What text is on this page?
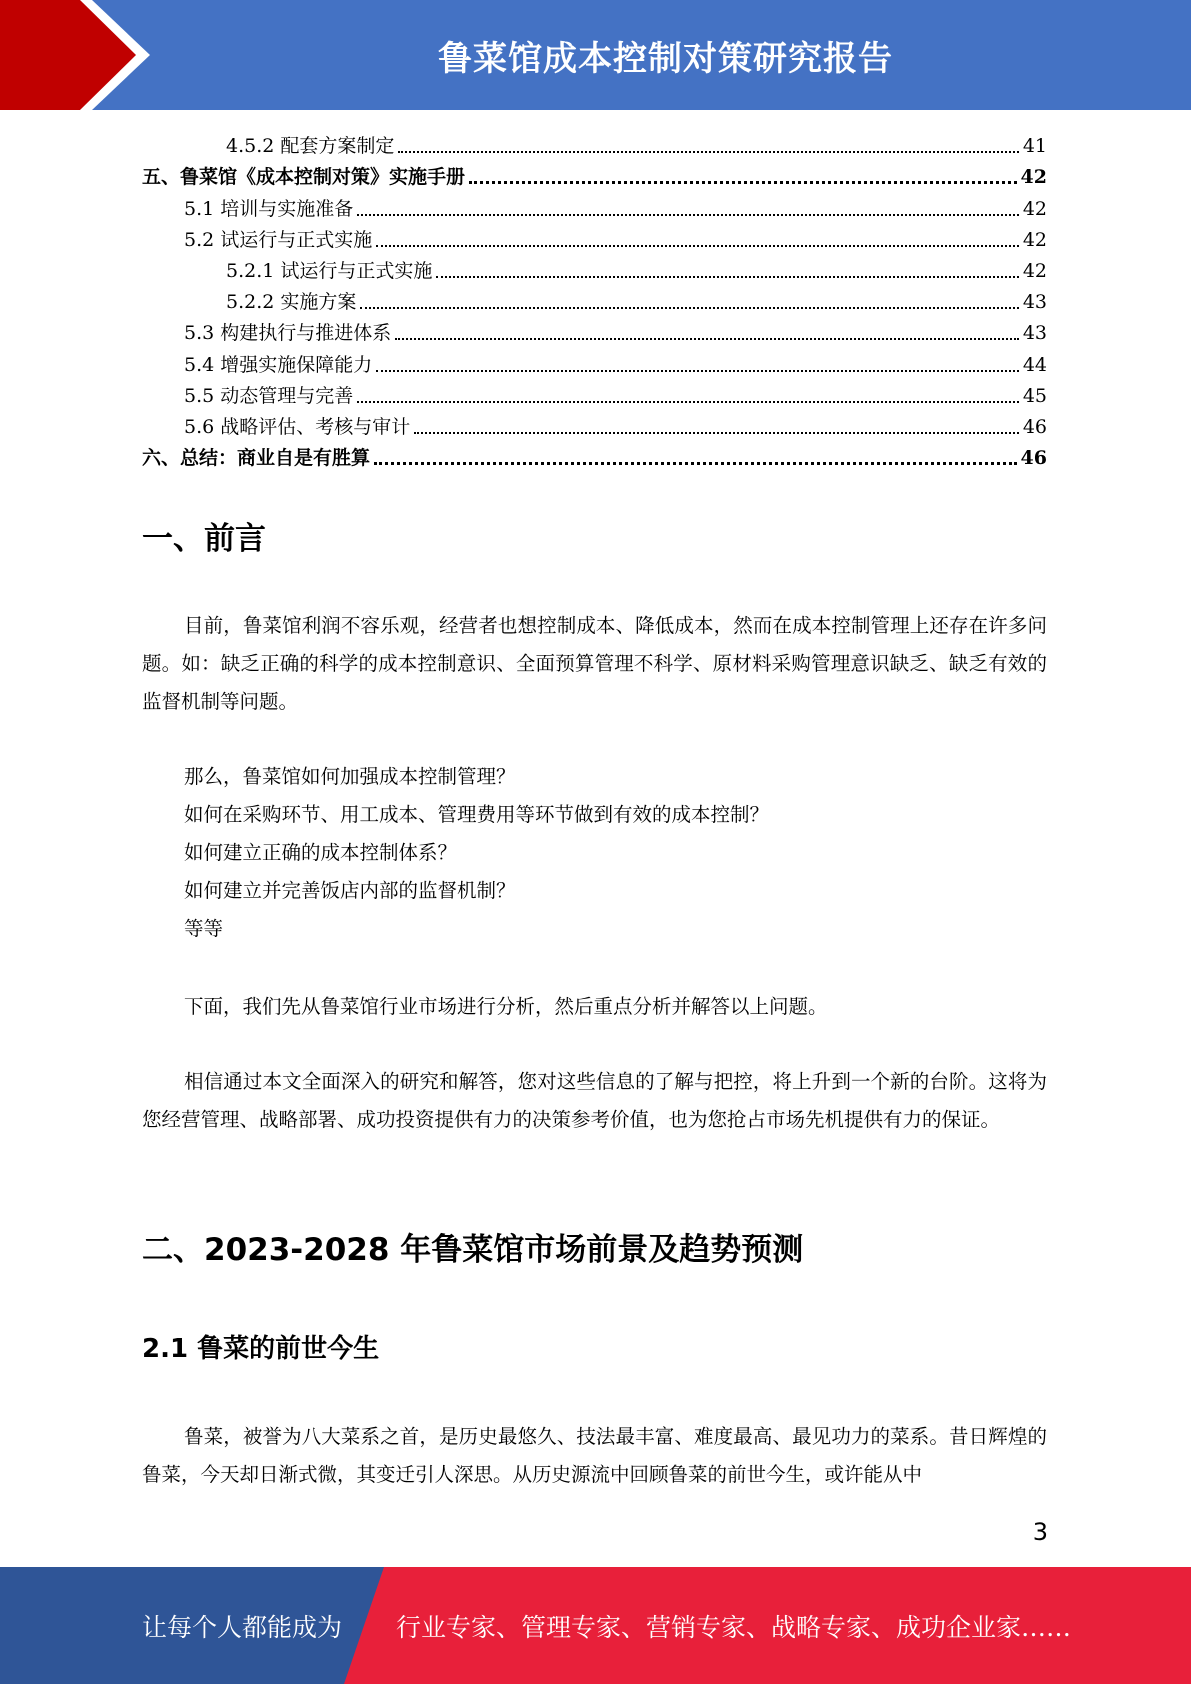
鲁菜馆成本控制对策研究报告
4.5.2 配套方案制定	41
五、鲁菜馆《成本控制对策》实施手册	42
5.1 培训与实施准备	42
5.2 试运行与正式实施	42
5.2.1 试运行与正式实施	42
5.2.2 实施方案	43
5.3 构建执行与推进体系	43
5.4 增强实施保障能力	44
5.5 动态管理与完善	45
5.6 战略评估、考核与审计	46
六、总结：商业自是有胜算	46
一、前言
目前，鲁菜馆利润不容乐观，经营者也想控制成本、降低成本，然而在成本控制管理上还存在许多问题。如：缺乏正确的科学的成本控制意识、全面预算管理不科学、原材料采购管理意识缺乏、缺乏有效的监督机制等问题。
那么，鲁菜馆如何加强成本控制管理？
如何在采购环节、用工成本、管理费用等环节做到有效的成本控制？
如何建立正确的成本控制体系？
如何建立并完善饭店内部的监督机制？
等等
下面，我们先从鲁菜馆行业市场进行分析，然后重点分析并解答以上问题。
相信通过本文全面深入的研究和解答，您对这些信息的了解与把控，将上升到一个新的台阶。这将为您经营管理、战略部署、成功投资提供有力的决策参考价值，也为您抢占市场先机提供有力的保证。
二、2023-2028 年鲁菜馆市场前景及趋势预测
2.1 鲁菜的前世今生
鲁菜，被誉为八大菜系之首，是历史最悠久、技法最丰富、难度最高、最见功力的菜系。昔日辉煌的鲁菜，今天却日渐式微，其变迁引人深思。从历史源流中回顾鲁菜的前世今生，或许能从中
3
让每个人都能成为 行业专家、管理专家、营销专家、战略专家、成功企业家……
